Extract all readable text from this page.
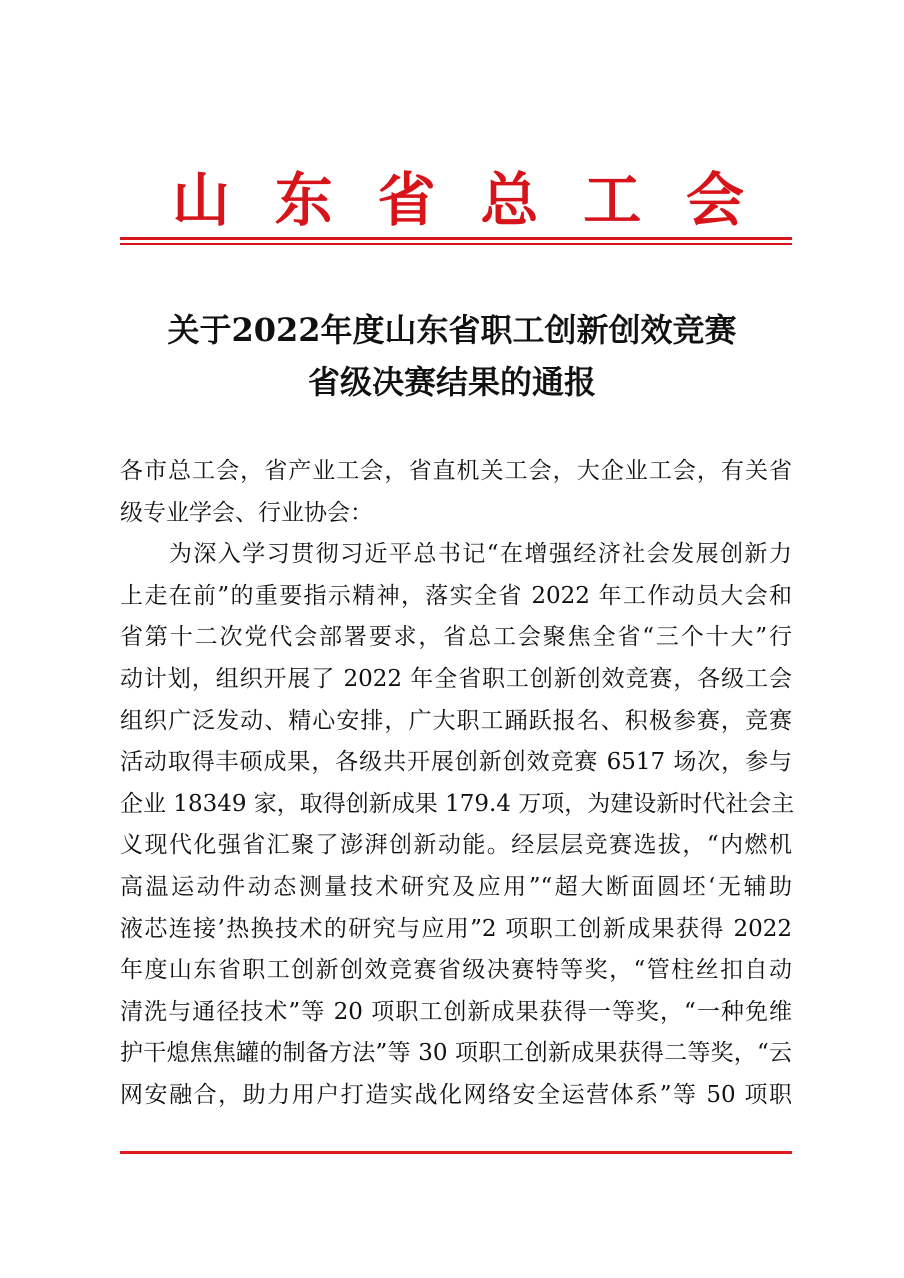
山 东 省 总 工 会
关于2022年度山东省职工创新创效竞赛
省级决赛结果的通报
各市总工会，省产业工会，省直机关工会，大企业工会，有关省
级专业学会、行业协会：
　　为深入学习贯彻习近平总书记“在增强经济社会发展创新力
上走在前”的重要指示精神，落实全省 2022 年工作动员大会和
省第十二次党代会部署要求，省总工会聚焦全省“三个十大”行
动计划，组织开展了 2022 年全省职工创新创效竞赛，各级工会
组织广泛发动、精心安排，广大职工踊跃报名、积极参赛，竞赛
活动取得丰硕成果，各级共开展创新创效竞赛 6517 场次，参与
企业 18349 家，取得创新成果 179.4 万项，为建设新时代社会主
义现代化强省汇聚了澎湃创新动能。经层层竞赛选拔，“内燃机
高温运动件动态测量技术研究及应用”“超大断面圆坯‘无辅助
液芯连接’热换技术的研究与应用”2 项职工创新成果获得 2022
年度山东省职工创新创效竞赛省级决赛特等奖，“管柱丝扣自动
清洗与通径技术”等 20 项职工创新成果获得一等奖，“一种免维
护干熄焦焦罐的制备方法”等 30 项职工创新成果获得二等奖，“云
网安融合，助力用户打造实战化网络安全运营体系”等 50 项职
